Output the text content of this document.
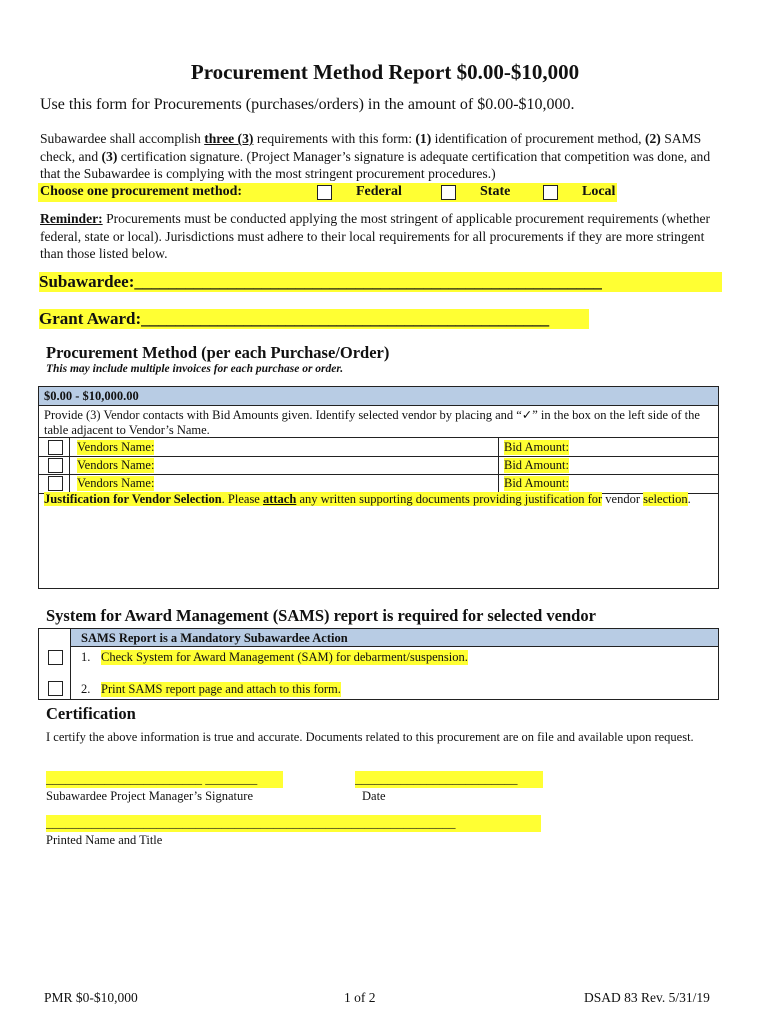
Procurement Method Report $0.00-$10,000
Use this form for Procurements (purchases/orders) in the amount of $0.00-$10,000.
Subawardee shall accomplish three (3) requirements with this form: (1) identification of procurement method, (2) SAMS check, and (3) certification signature. (Project Manager’s signature is adequate certification that competition was done, and that the Subawardee is complying with the most stringent procurement procedures.)
Choose one procurement method:	Federal	State	Local
Reminder: Procurements must be conducted applying the most stringent of applicable procurement requirements (whether federal, state or local). Jurisdictions must adhere to their local requirements for all procurements if they are more stringent than those listed below.
Subawardee:_______________________________________________________
Grant Award:________________________________________________
Procurement Method (per each Purchase/Order)
This may include multiple invoices for each purchase or order.
$0.00 - $10,000.00
Provide (3) Vendor contacts with Bid Amounts given. Identify selected vendor by placing and “✓” in the box on the left side of the table adjacent to Vendor’s Name.
Vendors Name:	Bid Amount:
Vendors Name:	Bid Amount:
Vendors Name:	Bid Amount:
Justification for Vendor Selection. Please attach any written supporting documents providing justification for vendor selection.
System for Award Management (SAMS) report is required for selected vendor
SAMS Report is a Mandatory Subawardee Action
1. Check System for Award Management (SAM) for debarment/suspension.
2. Print SAMS report page and attach to this form.
Certification
I certify the above information is true and accurate. Documents related to this procurement are on file and available upon request.
________________________ ________	_________________________
Subawardee Project Manager’s Signature	Date
_______________________________________________________________
Printed Name and Title
PMR $0-$10,000	1 of 2	DSAD 83 Rev. 5/31/19
